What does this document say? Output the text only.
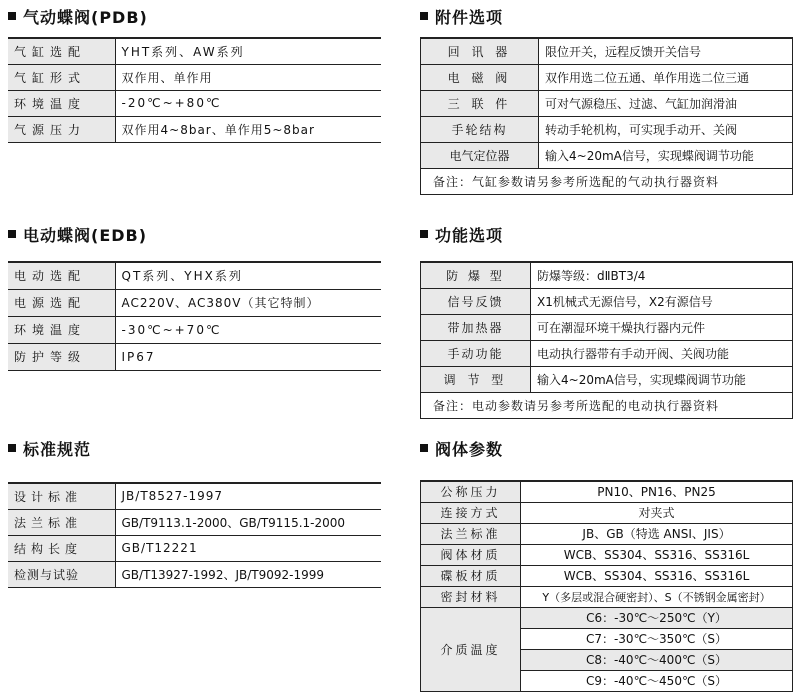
气动蝶阀(PDB)
气缸选配	YHT系列、AW系列
气缸形式	双作用、单作用
环境温度	-20℃~+80℃
气源压力	双作用4~8bar、单作用5~8bar
附件选项
回 讯 器	限位开关，远程反馈开关信号
电 磁 阀	双作用选二位五通、单作用选二位三通
三 联 件	可对气源稳压、过滤、气缸加润滑油
手轮结构	转动手轮机构，可实现手动开、关阀
电气定位器	输入4~20mA信号，实现蝶阀调节功能
备注：气缸参数请另参考所选配的气动执行器资料	
电动蝶阀(EDB)
电动选配	QT系列、YHX系列
电源选配	AC220V、AC380V（其它特制）
环境温度	-30℃~+70℃
防护等级	IP67
功能选项
防 爆 型	防爆等级：dⅡBT3/4
信号反馈	X1机械式无源信号，X2有源信号
带加热器	可在潮湿环境干燥执行器内元件
手动功能	电动执行器带有手动开阀、关阀功能
调 节 型	输入4~20mA信号，实现蝶阀调节功能
备注：电动参数请另参考所选配的电动执行器资料	
标准规范
设计标准	JB/T8527-1997
法兰标准	GB/T9113.1-2000、GB/T9115.1-2000
结构长度	GB/T12221
检测与试验	GB/T13927-1992、JB/T9092-1999
阀体参数
公称压力	PN10、PN16、PN25
连接方式	对夹式
法兰标准	JB、GB（特选 ANSI、JIS）
阀体材质	WCB、SS304、SS316、SS316L
碟板材质	WCB、SS304、SS316、SS316L
密封材料	Y（多层或混合硬密封）、S（不锈钢金属密封）
介质温度	C6：-30℃～250℃（Y）
	C7：-30℃～350℃（S）
	C8：-40℃～400℃（S）
	C9：-40℃～450℃（S）
